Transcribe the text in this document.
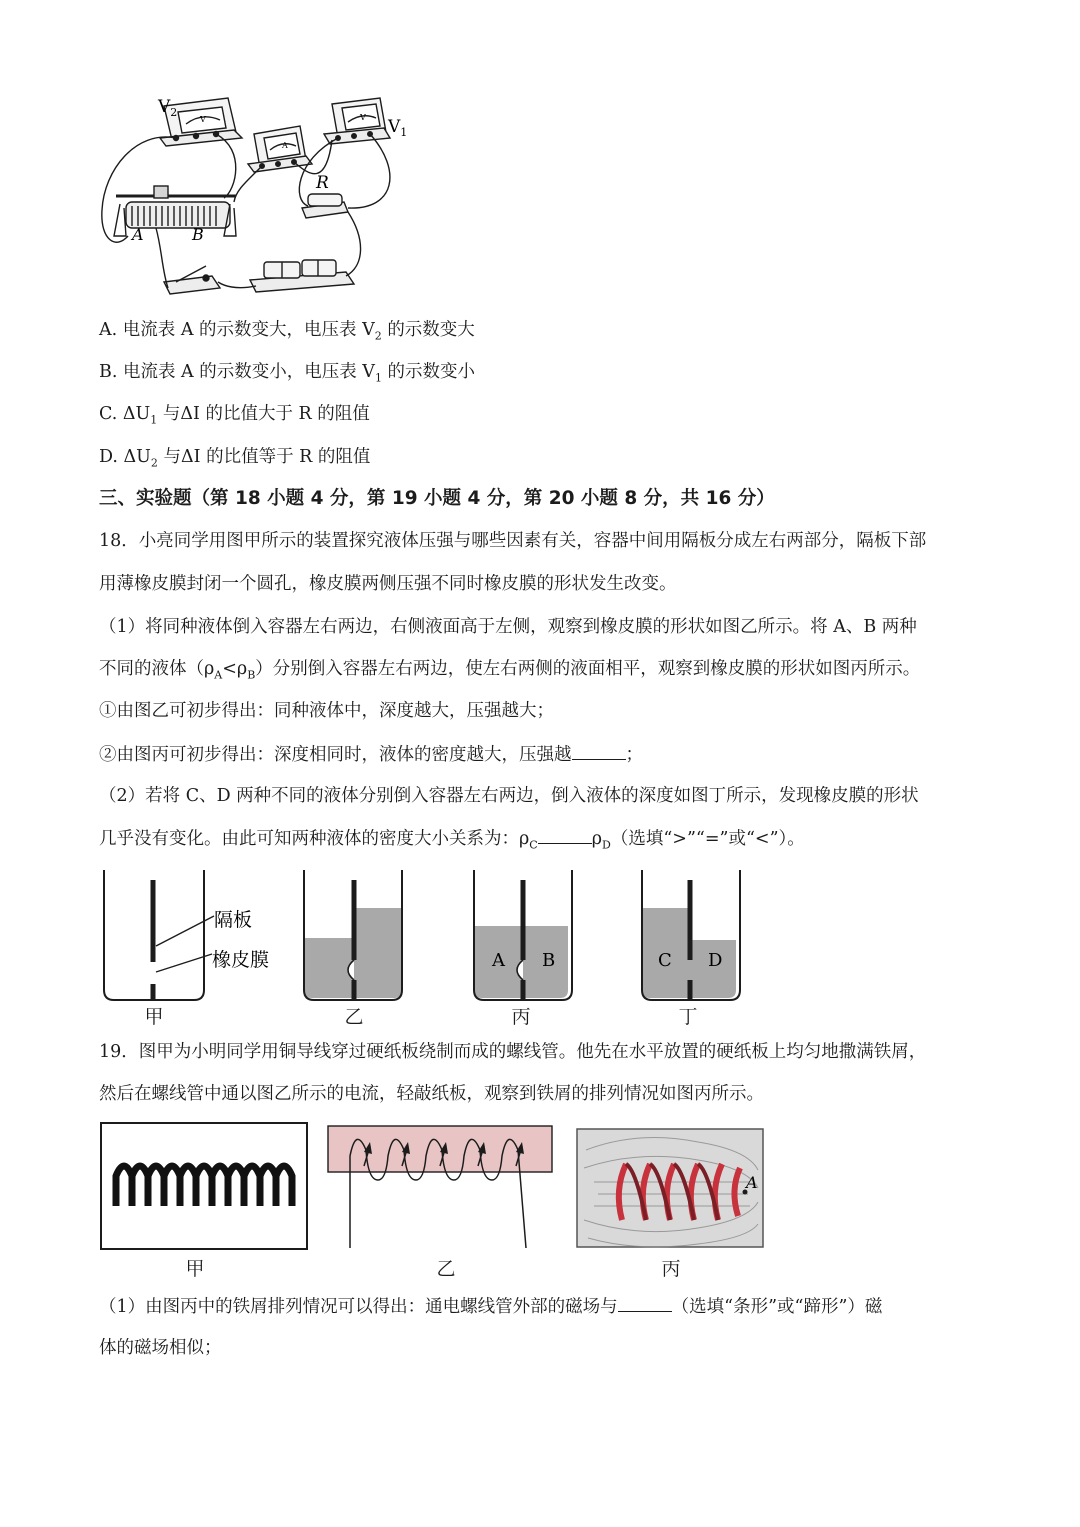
$V_2$
$V_1$
R
A	B
V
A
V
A. 电流表 A 的示数变大，电压表 $V_2$ 的示数变大
B. 电流表 A 的示数变小，电压表 $V_1$ 的示数变小
C. $\Delta U_1$ 与ΔI 的比值大于 R 的阻值
D. $\Delta U_2$ 与ΔI 的比值等于 R 的阻值
三、实验题（第 18 小题 4 分，第 19 小题 4 分，第 20 小题 8 分，共 16 分）
18．小亮同学用图甲所示的装置探究液体压强与哪些因素有关，容器中间用隔板分成左右两部分，隔板下部
用薄橡皮膜封闭一个圆孔，橡皮膜两侧压强不同时橡皮膜的形状发生改变。
（1）将同种液体倒入容器左右两边，右侧液面高于左侧，观察到橡皮膜的形状如图乙所示。将 A、B 两种
不同的液体$(\rho_A<\rho_B)$分别倒入容器左右两边，使左右两侧的液面相平，观察到橡皮膜的形状如图丙所示。
①由图乙可初步得出：同种液体中，深度越大，压强越大；
②由图丙可初步得出：深度相同时，液体的密度越大，压强越	；
（2）若将 C、D 两种不同的液体分别倒入容器左右两边，倒入液体的深度如图丁所示，发现橡皮膜的形状
几乎没有变化。由此可知两种液体的密度大小关系为：$\rho_C$	$\rho_D$（选填“>”“=”或“<”）。
隔板
橡皮膜	A B	C D
甲	乙	丙	丁
19．图甲为小明同学用铜导线穿过硬纸板绕制而成的螺线管。他先在水平放置的硬纸板上均匀地撒满铁屑，
然后在螺线管中通以图乙所示的电流，轻敲纸板，观察到铁屑的排列情况如图丙所示。
A
甲	乙	丙
（1）由图丙中的铁屑排列情况可以得出：通电螺线管外部的磁场与	（选填“条形”或“蹄形”）磁
体的磁场相似；
